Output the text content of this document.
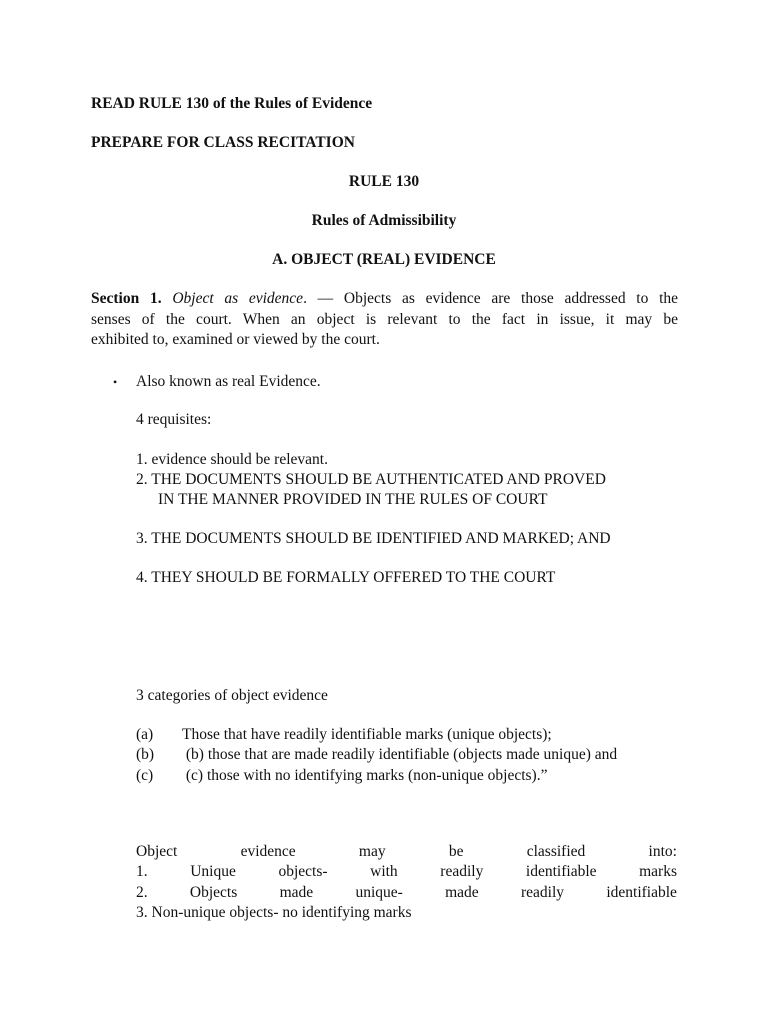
READ RULE 130 of the Rules of Evidence
PREPARE FOR CLASS RECITATION
RULE 130
Rules of Admissibility
A. OBJECT (REAL) EVIDENCE
Section 1. Object as evidence. — Objects as evidence are those addressed to the
senses of the court. When an object is relevant to the fact in issue, it may be
exhibited to, examined or viewed by the court.
• Also known as real Evidence.
4 requisites:
1. evidence should be relevant.
2. THE DOCUMENTS SHOULD BE AUTHENTICATED AND PROVED
IN THE MANNER PROVIDED IN THE RULES OF COURT
3. THE DOCUMENTS SHOULD BE IDENTIFIED AND MARKED; AND
4. THEY SHOULD BE FORMALLY OFFERED TO THE COURT
3 categories of object evidence
(a) Those that have readily identifiable marks (unique objects);
(b) (b) those that are made readily identifiable (objects made unique) and
(c) (c) those with no identifying marks (non-unique objects).”
Object	evidence	may	be	classified	into:
1.	Unique	objects-	with	readily	identifiable	marks
2.	Objects	made	unique-	made	readily	identifiable
3. Non-unique objects- no identifying marks
